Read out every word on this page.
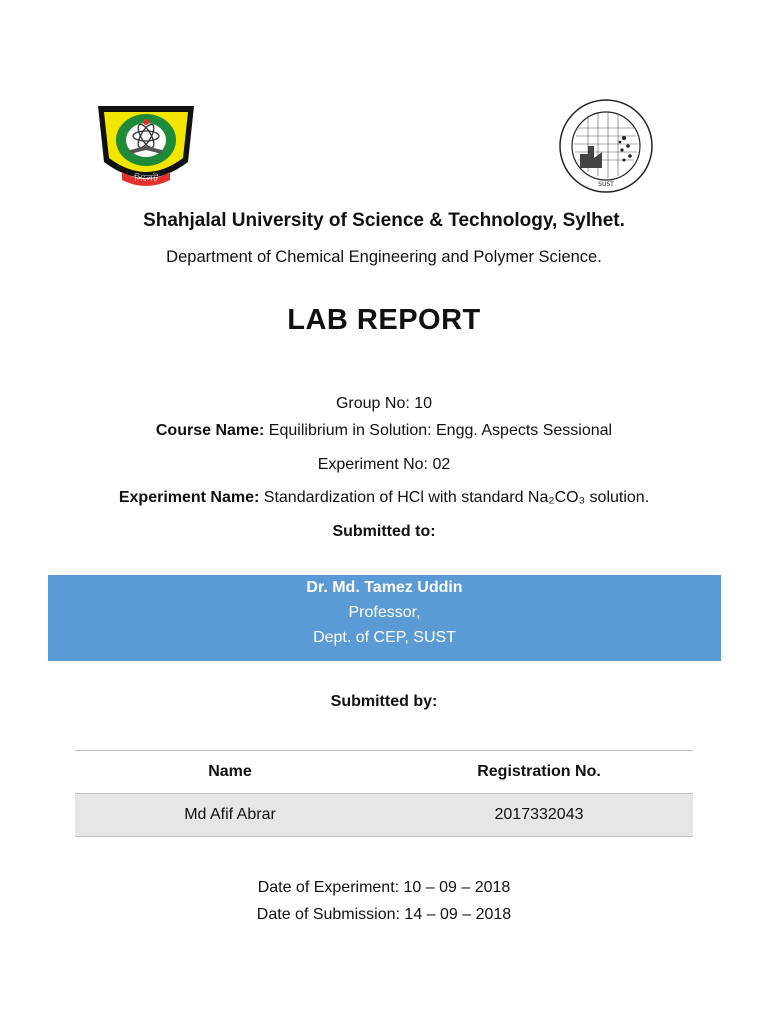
সিলেট
SUST
Shahjalal University of Science & Technology, Sylhet.
Department of Chemical Engineering and Polymer Science.
LAB REPORT
Group No: 10
Course Name: Equilibrium in Solution: Engg. Aspects Sessional
Experiment No: 02
Experiment Name: Standardization of HCl with standard Na₂CO₃ solution.
Submitted to:
Dr. Md. Tamez Uddin
Professor,
Dept. of CEP, SUST
Submitted by:
Name	Registration No.
Md Afif Abrar	2017332043
Date of Experiment: 10 – 09 – 2018
Date of Submission: 14 – 09 – 2018
